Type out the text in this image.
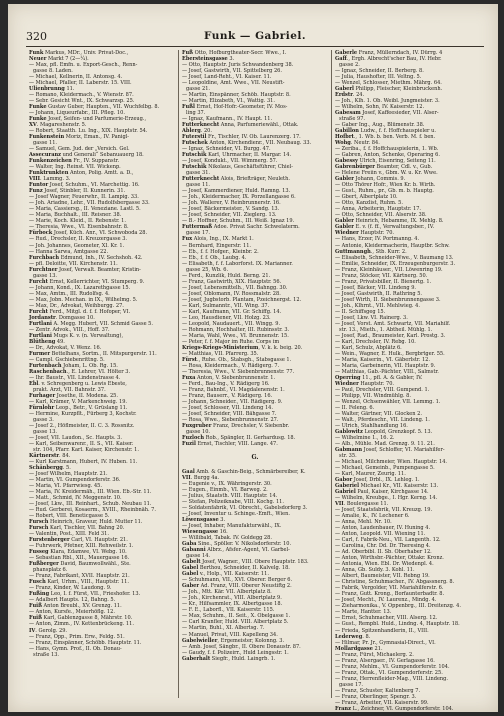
320	Funk — Gabriel.
Funk Markus, MDr., Univ. Privat-Doc.,
Neuer Markt 7 (2—¼).
— Max, pfl. Emfn. u. Export-Gesch., Renn-
gasse 8. Laden.
— Michael, Kellnerin, II. Antonsg. 4.
— Michael, Pfaller, II. Laberstr. 15. VIII.
Ulienbrunng 11.
— Romano, Kleidermach., V. Wienstr. 87.
— Sebr. Gesicht Wnt., IX. Schwarzsp. 25.
Funke Gustav Guber, Haupten., VII. Wuchfelbg. 8.
— Johann, Liqueurfabr., III. Pfleg. 10.
Funke Josef, Seifen- und Parfumerie-Erzeug.,
XV. Magareshenstr. 5.
— Robert, Staatth. Lu. Ing., XIX. Hauptstr. 54.
Funkenstein Moriz, Eman., IV. Panigl-
gasse 11.
— Samuel, Gem. Jud. der „Versich. Gel.
Assecuranz und Generali“ Sebanuauerg 18.
Funkenzeichen Fr., IV. Suppanstr.
— Walter, Ing. Reinst. VII. Wickenp.
Funktrunkten Anton, Polig. Amtt. a. D.,
VIII. Lammg. 3.
Funtor Josef, Schuhm., VI. Marchettig. 16.
Funz Josef, Stinbler, II. Kunnerin. 31.
— Josef Wagner, Feuerwhr., II. Lampig. 33.
— Joh. Ariadne, Lehr., VII. Rudolfsbergasse 33.
— Maria, Cassiersg., II. Veneziane. Lastl. 5.
— Maria, Buchhalt., III. Reisner. 38.
— Marie, Koch. Kleid., II. Rebenstr. 1.
— Theresia, Wwe., VI. Eisenbahnstr. 8.
Fürbock Josef, Küch. Anr., VI. Schwoboda 28.
— Rud., Drechsler, II. Kreuzergasse 3.
— Joh. Johannes, Geometer, XI. Kr. 1.
— Hanna Sarwa, Amtgasse 22.
Furchbach Edmund, Inh., IV. Sechshoh. 42.
— pfl. Deloitte, VII. Kirchenstr. 11.
Furchtner Josef, Verwalt. Beamter, Kristin-
gasse 13.
Furcht Ernst, Kellerrichter, VI. Stumperg. 9.
— Johann, Kond., IX. Lazarethgasse 15.
— Max, Amtm., III. Rudolfsg. 4.
— Max, Jobn. Mechan. in IX., Wilhelmg. 5.
— Max, Dr., Advokat, Weihburgg. 27.
Furcht Ferd., Mitgl. d. f. f. Hofoper, VI.
Jordanstr. Domgasse 10.
Furtlani A. Megg. Hubert, VII. Schmid Gasse 5.
— Zentr. Advok., VIII., Hoff. 37.
Furtlani Mugs K. v. (n. Verwaltung),
Blütheng 49.
— Dr., Advokat, V. Wenz. 16.
Furmer Bettelhans, Sortm., II. Mitspurgerstr. 11.
— Campl. Gschiebenrittng. 5.
Furtenbach Joham, L. Ob. Rg. 15.
Raschenbach., E. Lehrer, VI. Hölter 3.
— Ihr. Baustr., VII. Lindenstrasse 4.
Ebl. v. Schregenberg u. Lewis Ebeste,
prakt. Arzt, VII. Bahnstr. 37.
Furhager Josethe, II. Modena. 25.
— Karl, Krämer, V. Markenchweig. 19.
Fürnlohr Leop., Betr., V. Grüslang 11.
— Hermine, Kurzpflt., Fürberg 3, Kochstr.
gasse 3.
— Josef 2., Höflmeister, II. C. 3. Rossnitz.
gasse 13.
— Josef, VII. Laudon., Sc. Haupts. 3.
— Karl, Seibenwarenr., II. S., VII. Kaiser.
str. 104, Pfarr. Karl. Kaiser, Kirchenstr. 1.
Kärtnerstr. 84.
— Kurl Karstmann, Hubert, IV. Huben. 11.
Schänbergg. 5.
— Josef Wilhelm, Hauptstr. 21.
— Martin, VI. Gumpendorferstr. 36.
— Maria, VI. Pfarrwiesg. 45.
— Maria, IV. Kreidermäh., III. Wien. Eb.-Str. 11.
— Matt., Schmid, IV. Meggenstr. 10.
— Josef, Lkw., III. Reinhart., Schub. Neubau 11.
— Rud. Gerberei, Kosaerm., XVIII., Rheinbnäh. 7.
— Robert, VIII. Beneticgasse 5.
Fursch Heinrich, Graveur, Huld. Mutter 11.
Fursch Karl, Tischler, VII. Bahng 20.
— Valentin, Post., XIII. Feld 31.
Furstenberger Carl, VI. Hauptstr. 21.
— Fuhrwerk, Pfetner, XIII. Rehweilstr. 1.
Fusseg Klara, Edamwe, VI. Webg. 10.
— Sebastian Rbl., XII., Mauergasse 16.
Fußberger David, Baumwollwähl., Ste.
phansplatz 6.
— Franz, Fabrikant, XVII. Hauptstr. 21.
Fusch Karl, Urhm., VIII., Hauptstr. 11.
— Franz, Kinder, W. Laudong. 9.
Fußing Leo, I. f. Fürst, VII., Frieshofer. 13.
— Adalbert Haupts. 12, Bahng. 5.
Fuiß Anton Breubl., XV. Grenzg. 11.
— Anton, Kursfe., Meierhöflg. 12.
Fuiß Karl, Gablenzgasse 8, Mährstr. 10.
— Anton, Zimm., IV. Kettenbrückeng. 11.
IV. Gerolg. 29.
— Franz, Opp., Prim. Erw., Feldg. 51.
— Franz, Einspänner, Schöbb. Hauptstr. 11.
— Hans, Gymn. Prof., II. Ob. Donau-
straße 13.
Fuß Otto, Hofburgtheater-Secr. Wwe., I.
Ebersteinsgasse 3.
— Otto, Hauptstr. Juris Schwandenberg 38.
— Josef, Gastwirth, VII. Spittelberg 26.
— Josef, Land-Reht., VI. Kaiser. 11.
— Leopoldine, Amt. Wwe., VII. Neustift-
gasse 21.
— Martin, Einspänner, Schöb. Hauptstr. 8.
— Martin, Elizabeth, VI., Wattig. 31.
Fußl Ernst, Hof-Hofr.-Geometer, IV. Mos-
ling 37.
— Ignaz, Kaufmann., IV. Haupt. 11.
Futterknecht Anna, Parfumeriewähl., Ottak.
Ablerg. 20.
Futerstil Fr., Tischler, IV. Ob. Laurenzerg. 17.
Futschek Anton, Kirchendienr., VII. Neubaug. 33.
— Ignaz, Schneider, VI. Burgg. 47.
Futschik Karl, Uhrmacher, II. Margar. 14.
— Josef, Kondukt., VII. Wimmerg. 57.
Futschik Nikolaus, Geschäftsführer, Chiel-
gasse 31.
Futterknecht Alois, Briefträger, Neuleth.
gasse 11.
— Josef, Kammerdiener, Huld. Ramng. 13.
— Joh., Kleidermacher, IX. Porzellangasse 6.
— Joh. Wallerer, V. Reinbrunnerstr. 16.
— Josef, Bäckermeister., V. Sandg. 13.
— Josef, Schneider, VII. Zieglerg. 13.
— B.- Hoffner, Schuhm., III. Weiß. Ignaz 19.
Futtermaß Adoe. Privat Sachr. Schwelaterm.
gasse 17.
Fux Alois, Ing., IX. Markt 1.
— Bernhard, Eingerstr. 11.
— Eb., f. f. Hofger., Kleinbr. 2.
— Eb., f. f. Ob., Laubg. 4.
— Elisabeth, f. f. Laborforst. IX. Marianner.
gasse 25, Wb. 6.
— Ferd., Kunzlik, Huld. Berng. 21.
— Franz, Gastwirth, XIX. Hauptstr. 56.
— Josef, Lebensmittelh., VII. Bahngg. 30.
— Josef, Oblomann, IV. Rossmalstr. 28.
— Josef, Jugbstorb. Plantam, Pzeichnergst. 12.
— Karl, Sulmanntr., VII. Wing. 37.
— Karl, Kaufmann, VII. Gr. Schiffg. 14.
— Leo, Hausdiener, VII. Holzg. 23.
— Leopold, Naudauert., VII. Wingg. 9.
— Rohmann, Hochhalter, III. Rubinsstr. 3.
— Maria, Wahl, Wwe., VI. Brunnenstr. 15.
— Peter, f. f. Major im Ruhe. Corps im
Kriegs-Kriegs-Ministerium, V. k. k. beig. 20.
— Matthias, VII. Pfarrerg. 35.
Fürst., Ruhe. Ob., Stabsgh., Stabsgasse 1.
— Rosa, Kleidermach., V. Rädigerg. 7.
— Theresia, Wwe., V. Siebenbrunnenstr. 77.
Fuxa Anton, V. Siebenbrunnenstr. 1.
— Ferd., Bau-Ing., V. Rädigerg 16.
— Franz, Bahnbf., VI. Magdalenenstr. 1.
— Franz, Bauserr., V. Rädigerg. 16.
— Johann, Schneider., VII. Rädigerg. 9.
— Josef, Schlosser, VII. Lindeng 14.
— Josef, Schneider, VIII. Bähgasse 7.
— Rosa, Wwe., Siebenbrunnenstr. 27.
Fuxgruber Franz, Drechsler, V. Siebenbr.
gasse 10.
Fuzloch Rob., Spängler, II. Gerhardusg. 18.
Fuzil Ernst, Tischler, VIII. Lange. 47.

G.

Gaal Amb. & Gaschin-Beig., Schmärbereiber, K.
VII. Burgg 4a.
— Eugenie v., IX. Währingerstr. 30.
— Eugen., Einmb., VI. Barweg. 2.
— Julius, Staatsth. VIII. Hauptstr. 14.
— Stefan, Polizeiknabe, VIII. Kochg. 11.
— Soldatenfabrik, VI. Obrecht., Gabelsdorferg 3.
— Josef, Inventur u. Schinge.-Emft., Wien.
Löwensgasse 3.
— Josef, Inhaber, Manufakturwähl., IX.
Wiesengasse 16.
— Willibald, Tabak. IV. Goldegg 28.
Gaba Sine., Spöller. V. Nikolsdorferstr. 10.
Gabanni Albrz., Afsfer.-Agent, VI. Garbel-
gasse 14.
Gabelt Josef, Wagner., VIII. Obere Hauptstr. 183.
Gabel Berthou, Schneider, II. Kalvelg. 18.
Gabel v., Holp., VII. Kaiserstr. 11.
— Schuhmann, VII., XVI. Oberer. Berger 6.
Gaber Ad. Franz, VIII. Oberer Neustiftg 2.
— Joh., Mtt. Kär. VII. Albertplatz 8.
— Joh., Kirchenrat., VIII. Albertplatz 9.
— Kr., Hilfsammler, IX. Albertgasse 18.
— F. E., Laborfl., VII. Kaiserstr. 115.
— Max, Schuhm., II. Seit., X. Obelgasse 1.
— Carl Kranfler, Huld. VIII. Albertplatz 5.
— Martin, Buhl., XI. Albertsg. 7.
— Manuel, Privat, VIII. Kapelleng 34.
Gabelwieller, Ergemeister, Kolonng. 3.
— Amb. Josef, Sängbr., II. Obere Donaustr. 87.
— Gaudy, f. f. Polizeirr., Huld Leingsstr. 1.
Gaberhalt Siegfr., Huld. Laingrb. 1.
Gaberle Franz, Müllerndach, IV. Dürrg. 4
Gaff., Ergh. Albrecht'scher Bau, IV. Hebr.
gasse 2.
— Ignaz, Schneider, II. Berberg. 8.
— Julia, Haushofter, III. Veltng. 5.
— Wenzel, Schlosser, Miethm. Mährg. 64.
Gaberl Philipp, Fleischer, Kleinbruckenh.
Erdstr. 24.
— Joh., Klh. 1. Ob. Weibl. Jungmeister. 3.
— Wilhelm, Sohn, IV. Kaiserstr. 12.
Gabesam Josef, Kaffeesieder, VII. Alser-
straße 97.
— Gaber Ing., Aug., Blümenstr. 38.
Gabillon Ludw., f. f. Hoffchauspieler u.
Hofbrt., 1. Wb. b. ben. Verb. M. f. ben.
Wohg. Neutr. 84.
— Zeriba., f. f. Hoffchauspielerin, 1. Wb.
— Gabren, Anton, Schenke, Operaring 6.
Gabessy Ulrich, Eisenring, Seiteng 11.
Gabrenbürger Beamter, Cdl. v., Gub.
— Helene Freiin v., Gbm. W. u. Kr. Wwe.
Gabler Johann, Commis. 9.
— Otto Thörer Hofr., Wien Kr. b. Wirth.
— Gust., Ruhm., pr., Gb. m. b. Hauptg.
— Gbert, Albertplatz 10.
— Otto, Kanzlist, Ruhm. 5.
— Anna, Arbeiterin, Hauptstr. 17.
— Otto, Schneider, VII. Alserstr. 38.
Gabler Heinrich, Hebamme, IX. Mehlg. 8.
Gabler E. v. (f. ff., Verwaltungsber., IV.
Wiedner Hauptstr. 70.
— Hans, Erzer, IV. Portmanng. 4.
— Antonie, Kleidermacherin, Hauptbr. Schw.
Guttmanngh., Stb. Kurr. 2.
— Elisabeth, Schneider-Wwe., V. Baumang 13.
— Emilie, Schneider, IX. Erzeugenburgerstr. 3.
— Franz, Kleinhäuser., VII. Löwenring 19.
— Franz, Stöcker, VII. Kärtnerg. 50.
— Franz, Privatsbiller, II. Bienertg. 1.
— Josef, Bäcker, VII. Lindeng 9.
— Josef, Gastwirth, II. Rathring 5.
— Josef Wirth, II. Siebenbrunnengasse 3.
— Joh., Klhrnt., VII. Mehlwieg. 4.
— II. Schiffsgeg 15.
— Josef, Lkw. VI. Rainerg. 3.
— Josef, Vorst. Amt. Schwartz, VII. Mariahilf.
str. 13., Mieth., 1. Abtheil. Mühlg. 1.
— Josef, Rad., Braumeister, Karl. Prostg. 3.
— Karl, Drechsler, IV. Rebg. 10.
— Karl, Schulz, Abplätz 6.
— Wein., Wagner, E. Hulk., Bergbrtger. 55.
— Maria, Kaiserin., VI. Gäberlstr. 12.
— Maria, Garbeinerin, VII. Hauptstr. 9.
— Matthias, Gab.-Pächter, VIII., Salmstr.
Operring 11., pfl. A. & Gabler, IV.
Wiedner Hauptstr. 70.
— Paul, Drechsler, VIII. Gumpend. 1.
— Philipp, VII. Windmühlg. 8.
— Wenzel, Ochsenwähler, VII. Lemmg. 1.
— II. Feleng. 6.
— Walter, Gärtner, VII. Glocken 2.
— Walt., Pferdeschr., VII. Lindeng. 1.
— Ulrich, Stahlhandlung 16.
Gablowitz Leopold, Grenzkopf. 5. 13.
— Wilhelmine 1., 16. 2.
— Alb., Mühle. Mad. Grenzg. 9. 11. 21.
Gabmann Josef, Schloffer, VI. Mariahilfer-
str. 35.
— Michael, Milchmeier, Wien. Hauptstr. 14.
— Michael, Gemeinb., Pumpengasse 5.
— Karl, Maurer, Zeurig. 11.
Gabor Josef, Drbl., IX. Lehleg. 1.
Gaberiel Michael Kr., VII. Kaiserstr. 13.
Gabriel Paul, Kaiser, Kirchgasse 14.
— Wilhelm, Kreubge., I. Hgr. Kerng. 14.
VII. Boulevgasse 11.
— Josef, Staatsfabrik, VII. Kreuzg. 19.
— Amalie, K., IV. Lechener 6.
— Anna, Mehl. Nr. 10.
— Anton, Laudenbauer, IV. Huning 4.
— Anton, Leopold. VII. Wiening 11.
— Carl, f. Fabrik-Neu., VII. Langenth. 12.
— Carolina, Chr. Dd. Dr. Theresing 4.
— Ad. Oberbibl. II. Sb. Oberhaber 12.
— Anton, Wirthsbr.-Pächter, Ottakr. Kronz.
— Antonia, Wien. Ebl. Dr. Wiedenpl. 4.
— Anna, Gb. Suldy. 3. Kohl. 11.
— Albert, Baumeister, VII. Rebng 19.
— Christine, Schuhmacher., IV. Abgassnerg. 8.
— Fabrik, Vergolder, VII. Mariahilferstr. 6.
— Franz, Gutt. Krong., Borfaunterbadtr. 8.
— Josef, Mecht., IV. Laurenz., Mindg. 4.
— Zieharmonika., V. Oppenbrg., III. Dreitenzg. 4.
— Marte, Hantter. 13.
— Ernst, Schuhmacher, VIII. Alserg. 12.
— Gust., Rempbl. Huld., Lindng. 4, Hauptstr. 18.
— Frieda, Spitzenhandlerin, II., VIII.
Lederweg. 8.
— Hilmar, Pr. Jr., Gymnasial-Direct., VI.
Mollardgasse 21.
— Franz, Fürst, Michaelerg. 2.
— Franz, Alsergaer., IV. Gerlagasse 16.
— Franz, Mehlm., VI. Gumpendorferstr. 104.
— Franz, Ottak., VI. Gumpendorferstr. 25.
— Franz, Herrenfleider-Mag., VIII. Lindeng.
gasse 17.
— Franz, Schuster, Kaltenberg 7.
— Franz, Oberlinger, Spengr. 3.
— Franz, Arbeiter, VII. Kaiserstr. 99.
Franz L., Zeichner, VI. Gumpendorferstr. 104.
